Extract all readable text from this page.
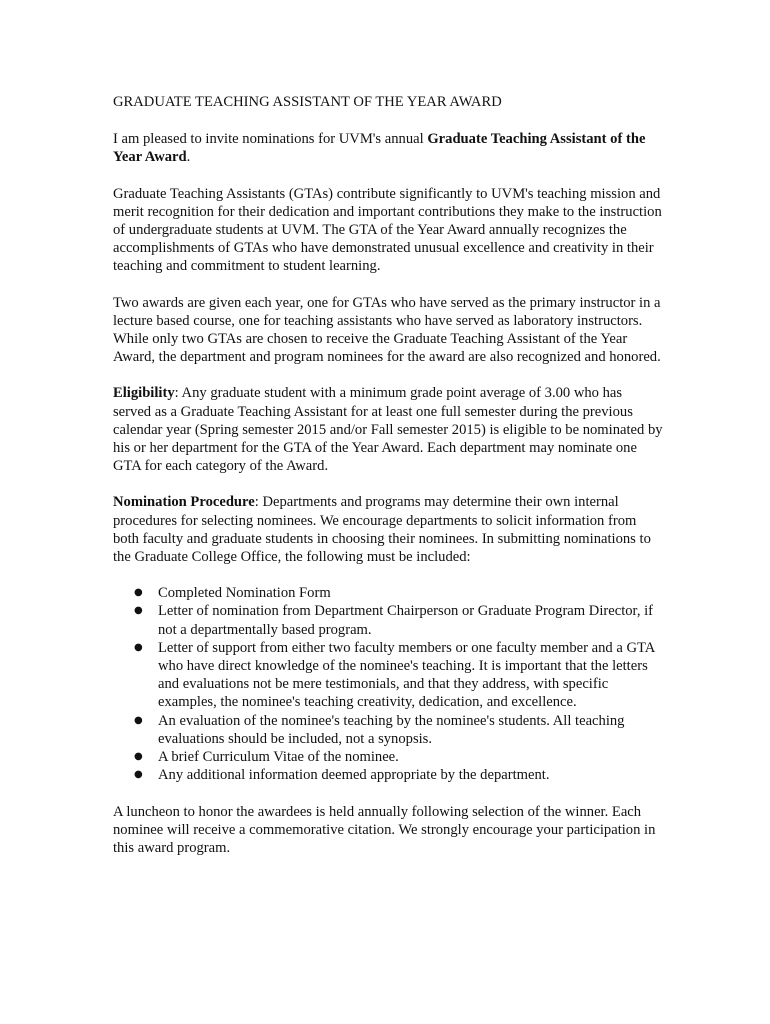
GRADUATE TEACHING ASSISTANT OF THE YEAR AWARD

I am pleased to invite nominations for UVM's annual Graduate Teaching Assistant of the Year Award.

Graduate Teaching Assistants (GTAs) contribute significantly to UVM's teaching mission and merit recognition for their dedication and important contributions they make to the instruction of undergraduate students at UVM. The GTA of the Year Award annually recognizes the accomplishments of GTAs who have demonstrated unusual excellence and creativity in their teaching and commitment to student learning.

Two awards are given each year, one for GTAs who have served as the primary instructor in a lecture based course, one for teaching assistants who have served as laboratory instructors. While only two GTAs are chosen to receive the Graduate Teaching Assistant of the Year Award, the department and program nominees for the award are also recognized and honored.

Eligibility: Any graduate student with a minimum grade point average of 3.00 who has served as a Graduate Teaching Assistant for at least one full semester during the previous calendar year (Spring semester 2015 and/or Fall semester 2015) is eligible to be nominated by his or her department for the GTA of the Year Award. Each department may nominate one GTA for each category of the Award.

Nomination Procedure: Departments and programs may determine their own internal procedures for selecting nominees. We encourage departments to solicit information from both faculty and graduate students in choosing their nominees. In submitting nominations to the Graduate College Office, the following must be included:

● Completed Nomination Form
● Letter of nomination from Department Chairperson or Graduate Program Director, if not a departmentally based program.
● Letter of support from either two faculty members or one faculty member and a GTA who have direct knowledge of the nominee's teaching. It is important that the letters and evaluations not be mere testimonials, and that they address, with specific examples, the nominee's teaching creativity, dedication, and excellence.
● An evaluation of the nominee's teaching by the nominee's students. All teaching evaluations should be included, not a synopsis.
● A brief Curriculum Vitae of the nominee.
● Any additional information deemed appropriate by the department.

A luncheon to honor the awardees is held annually following selection of the winner. Each nominee will receive a commemorative citation. We strongly encourage your participation in this award program.
